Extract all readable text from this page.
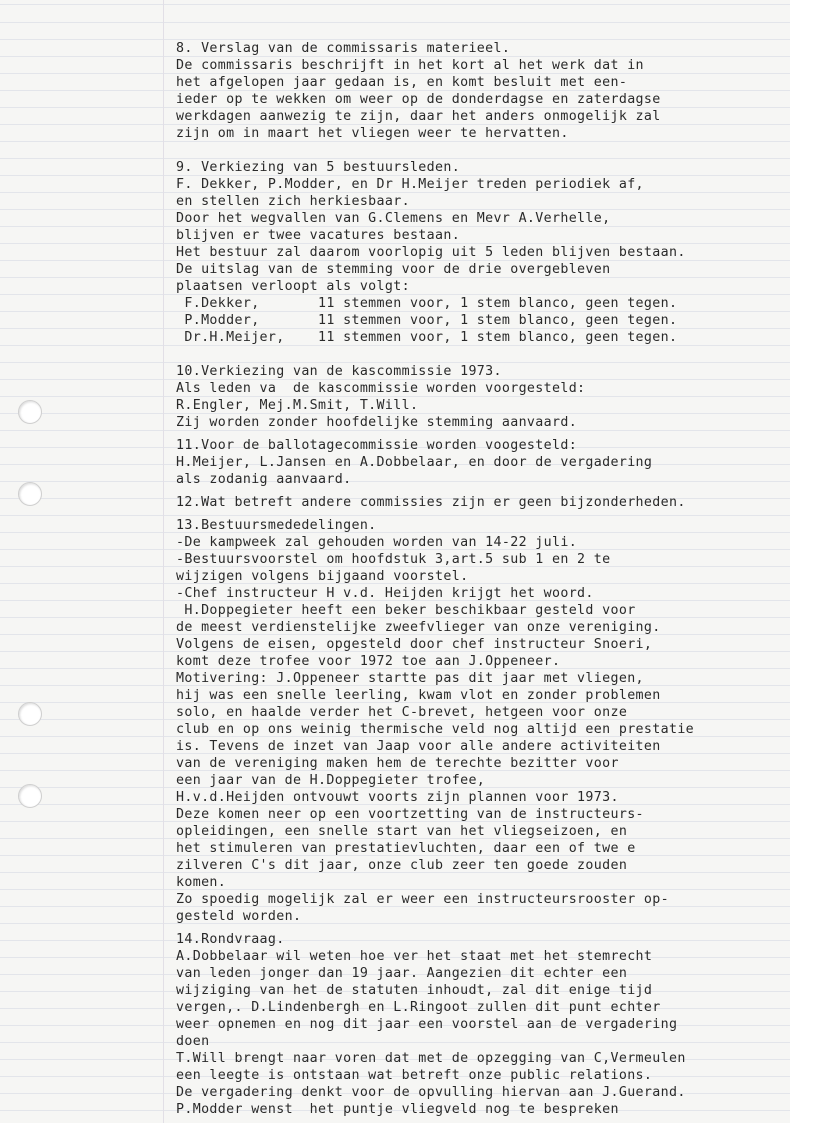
8. Verslag van de commissaris materieel.
De commissaris beschrijft in het kort al het werk dat in
het afgelopen jaar gedaan is, en komt besluit met een-
ieder op te wekken om weer op de donderdagse en zaterdagse
werkdagen aanwezig te zijn, daar het anders onmogelijk zal
zijn om in maart het vliegen weer te hervatten.
9. Verkiezing van 5 bestuursleden.
F. Dekker, P.Modder, en Dr H.Meijer treden periodiek af,
en stellen zich herkiesbaar.
Door het wegvallen van G.Clemens en Mevr A.Verhelle,
blijven er twee vacatures bestaan.
Het bestuur zal daarom voorlopig uit 5 leden blijven bestaan.
De uitslag van de stemming voor de drie overgebleven
plaatsen verloopt als volgt:
F.Dekker,       11 stemmen voor, 1 stem blanco, geen tegen.
P.Modder,       11 stemmen voor, 1 stem blanco, geen tegen.
Dr.H.Meijer,    11 stemmen voor, 1 stem blanco, geen tegen.
10.Verkiezing van de kascommissie 1973.
Als leden va  de kascommissie worden voorgesteld:
R.Engler, Mej.M.Smit, T.Will.
Zij worden zonder hoofdelijke stemming aanvaard.
11.Voor de ballotagecommissie worden voogesteld:
H.Meijer, L.Jansen en A.Dobbelaar, en door de vergadering
als zodanig aanvaard.
12.Wat betreft andere commissies zijn er geen bijzonderheden.
13.Bestuursmededelingen.
-De kampweek zal gehouden worden van 14-22 juli.
-Bestuursvoorstel om hoofdstuk 3,art.5 sub 1 en 2 te
wijzigen volgens bijgaand voorstel.
-Chef instructeur H v.d. Heijden krijgt het woord.
H.Doppegieter heeft een beker beschikbaar gesteld voor
de meest verdienstelijke zweefvlieger van onze vereniging.
Volgens de eisen, opgesteld door chef instructeur Snoeri,
komt deze trofee voor 1972 toe aan J.Oppeneer.
Motivering: J.Oppeneer startte pas dit jaar met vliegen,
hij was een snelle leerling, kwam vlot en zonder problemen
solo, en haalde verder het C-brevet, hetgeen voor onze
club en op ons weinig thermische veld nog altijd een prestatie
is. Tevens de inzet van Jaap voor alle andere activiteiten
van de vereniging maken hem de terechte bezitter voor
een jaar van de H.Doppegieter trofee,
H.v.d.Heijden ontvouwt voorts zijn plannen voor 1973.
Deze komen neer op een voortzetting van de instructeurs-
opleidingen, een snelle start van het vliegseizoen, en
het stimuleren van prestatievluchten, daar een of twe e
zilveren C's dit jaar, onze club zeer ten goede zouden
komen.
Zo spoedig mogelijk zal er weer een instructeursrooster op-
gesteld worden.
14.Rondvraag.
A.Dobbelaar wil weten hoe ver het staat met het stemrecht
van leden jonger dan 19 jaar. Aangezien dit echter een
wijziging van het de statuten inhoudt, zal dit enige tijd
vergen,. D.Lindenbergh en L.Ringoot zullen dit punt echter
weer opnemen en nog dit jaar een voorstel aan de vergadering
doen
T.Will brengt naar voren dat met de opzegging van C,Vermeulen
een leegte is ontstaan wat betreft onze public relations.
De vergadering denkt voor de opvulling hiervan aan J.Guerand.
P.Modder wenst  het puntje vliegveld nog te bespreken
